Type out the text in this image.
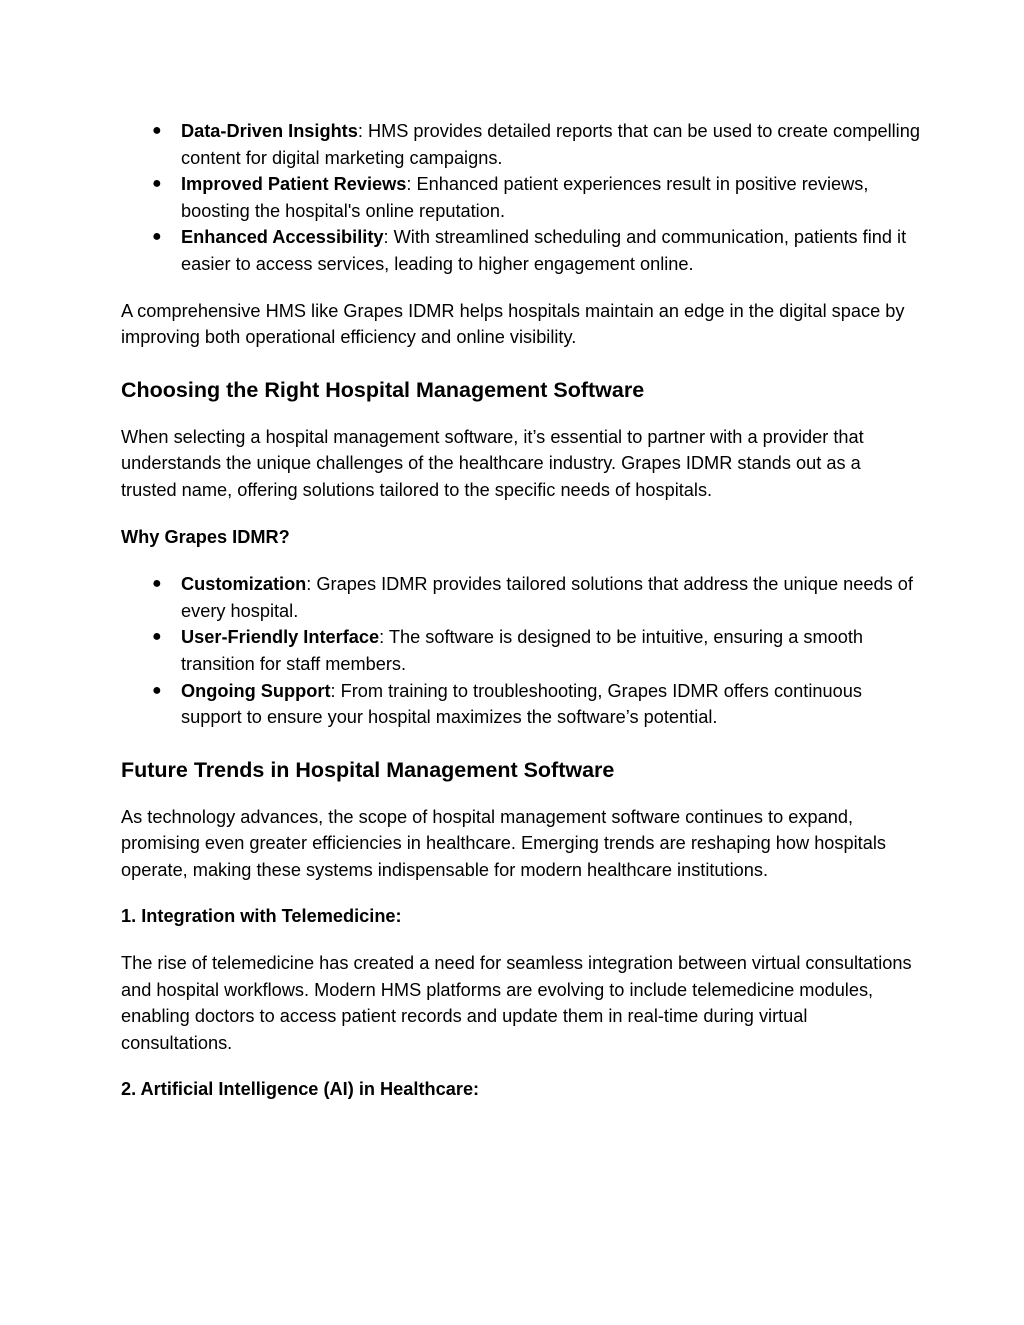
● Data-Driven Insights: HMS provides detailed reports that can be used to create compelling content for digital marketing campaigns.
● Improved Patient Reviews: Enhanced patient experiences result in positive reviews, boosting the hospital's online reputation.
● Enhanced Accessibility: With streamlined scheduling and communication, patients find it easier to access services, leading to higher engagement online.

A comprehensive HMS like Grapes IDMR helps hospitals maintain an edge in the digital space by improving both operational efficiency and online visibility.

Choosing the Right Hospital Management Software

When selecting a hospital management software, it’s essential to partner with a provider that understands the unique challenges of the healthcare industry. Grapes IDMR stands out as a trusted name, offering solutions tailored to the specific needs of hospitals.

Why Grapes IDMR?
● Customization: Grapes IDMR provides tailored solutions that address the unique needs of every hospital.
● User-Friendly Interface: The software is designed to be intuitive, ensuring a smooth transition for staff members.
● Ongoing Support: From training to troubleshooting, Grapes IDMR offers continuous support to ensure your hospital maximizes the software’s potential.
Future Trends in Hospital Management Software

As technology advances, the scope of hospital management software continues to expand, promising even greater efficiencies in healthcare. Emerging trends are reshaping how hospitals operate, making these systems indispensable for modern healthcare institutions.

1. Integration with Telemedicine:

The rise of telemedicine has created a need for seamless integration between virtual consultations and hospital workflows. Modern HMS platforms are evolving to include telemedicine modules, enabling doctors to access patient records and update them in real-time during virtual consultations.

2. Artificial Intelligence (AI) in Healthcare:
